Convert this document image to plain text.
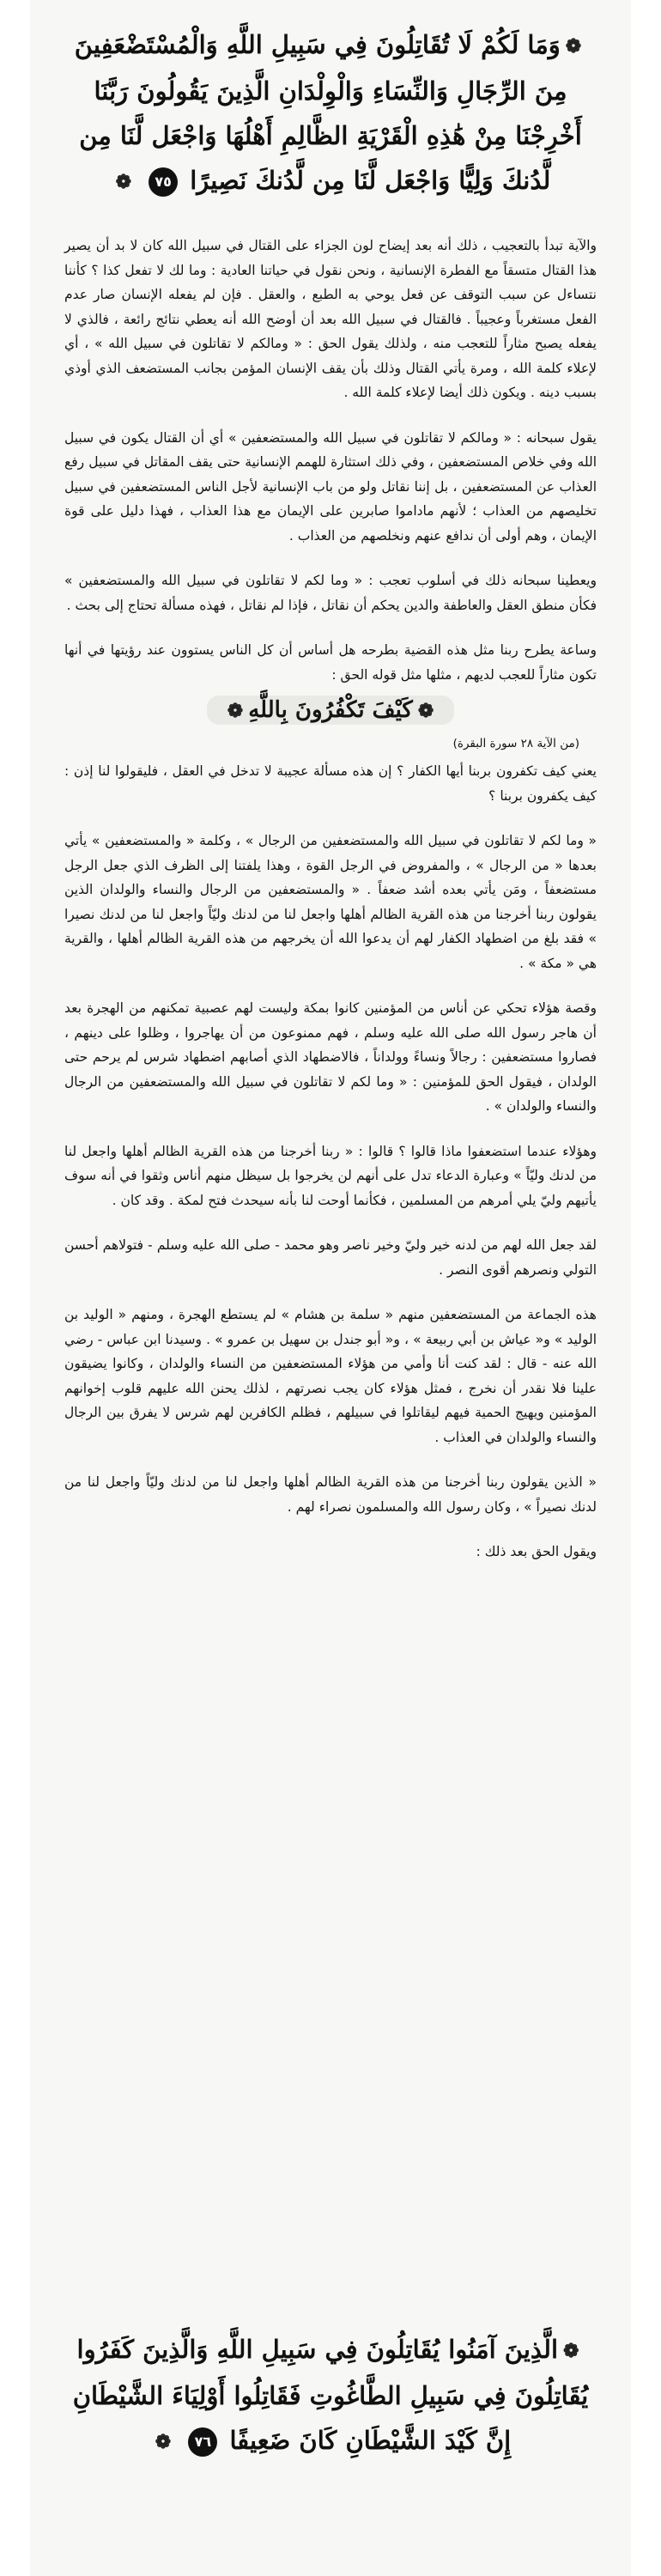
❁وَمَا لَكُمْ لَا تُقَاتِلُونَ فِي سَبِيلِ اللَّهِ وَالْمُسْتَضْعَفِينَ
مِنَ الرِّجَالِ وَالنِّسَاءِ وَالْوِلْدَانِ الَّذِينَ يَقُولُونَ رَبَّنَا
أَخْرِجْنَا مِنْ هَٰذِهِ الْقَرْيَةِ الظَّالِمِ أَهْلُهَا وَاجْعَل لَّنَا مِن
لَّدُنكَ وَلِيًّا وَاجْعَل لَّنَا مِن لَّدُنكَ نَصِيرًا ٧٥ ❁

والآية تبدأ بالتعجيب ، ذلك أنه بعد إيضاح لون الجزاء على القتال في سبيل الله كان لا بد أن يصير هذا القتال متسقاً مع الفطرة الإنسانية ، ونحن نقول في حياتنا العادية : وما لك لا تفعل كذا ؟ كأننا نتساءل عن سبب التوقف عن فعل يوحي به الطبع ، والعقل . فإن لم يفعله الإنسان صار عدم الفعل مستغرباً وعجيباً . فالقتال في سبيل الله بعد أن أوضح الله أنه يعطي نتائج رائعة ، فالذي لا يفعله يصبح مثاراً للتعجب منه ، ولذلك يقول الحق : « ومالكم لا تقاتلون في سبيل الله » ، أي لإعلاء كلمة الله ، ومرة يأتي القتال وذلك بأن يقف الإنسان المؤمن بجانب المستضعف الذي أوذي بسبب دينه . ويكون ذلك أيضا لإعلاء كلمة الله .

يقول سبحانه : « ومالكم لا تقاتلون في سبيل الله والمستضعفين » أي أن القتال يكون في سبيل الله وفي خلاص المستضعفين ، وفي ذلك استثارة للهمم الإنسانية حتى يقف المقاتل في سبيل رفع العذاب عن المستضعفين ، بل إننا نقاتل ولو من باب الإنسانية لأجل الناس المستضعفين في سبيل تخليصهم من العذاب ؛ لأنهم ماداموا صابرين على الإيمان مع هذا العذاب ، فهذا دليل على قوة الإيمان ، وهم أولى أن ندافع عنهم ونخلصهم من العذاب .

ويعطينا سبحانه ذلك في أسلوب تعجب : « وما لكم لا تقاتلون في سبيل الله والمستضعفين » فكأن منطق العقل والعاطفة والدين يحكم أن نقاتل ، فإذا لم نقاتل ، فهذه مسألة تحتاج إلى بحث .

وساعة يطرح ربنا مثل هذه القضية بطرحه هل أساس أن كل الناس يستوون عند رؤيتها في أنها تكون مثاراً للعجب لديهم ، مثلها مثل قوله الحق :

❁كَيْفَ تَكْفُرُونَ بِاللَّهِ❁
(من الآية ٢٨ سورة البقرة)

يعني كيف تكفرون بربنا أيها الكفار ؟ إن هذه مسألة عجيبة لا تدخل في العقل ، فليقولوا لنا إذن : كيف يكفرون بربنا ؟

« وما لكم لا تقاتلون في سبيل الله والمستضعفين من الرجال » ، وكلمة « والمستضعفين » يأتي بعدها « من الرجال » ، والمفروض في الرجل القوة ، وهذا يلفتنا إلى الظرف الذي جعل الرجل مستضعفاً ، ومَن يأتي بعده أشد ضعفاً . « والمستضعفين من الرجال والنساء والولدان الذين يقولون ربنا أخرجنا من هذه القرية الظالم أهلها واجعل لنا من لدنك وليّاً واجعل لنا من لدنك نصيرا » فقد بلغ من اضطهاد الكفار لهم أن يدعوا الله أن يخرجهم من هذه القرية الظالم أهلها ، والقرية هي « مكة » .

وقصة هؤلاء تحكي عن أناس من المؤمنين كانوا بمكة وليست لهم عصبية تمكنهم من الهجرة بعد أن هاجر رسول الله صلى الله عليه وسلم ، فهم ممنوعون من أن يهاجروا ، وظلوا على دينهم ، فصاروا مستضعفين : رجالاً ونساءً وولداناً ، فالاضطهاد الذي أصابهم اضطهاد شرس لم يرحم حتى الولدان ، فيقول الحق للمؤمنين : « وما لكم لا تقاتلون في سبيل الله والمستضعفين من الرجال والنساء والولدان » .

وهؤلاء عندما استضعفوا ماذا قالوا ؟ قالوا : « ربنا أخرجنا من هذه القرية الظالم أهلها واجعل لنا من لدنك وليّاً » وعبارة الدعاء تدل على أنهم لن يخرجوا بل سيظل منهم أناس وثقوا في أنه سوف يأتيهم وليّ يلي أمرهم من المسلمين ، فكأنما أوحت لنا بأنه سيحدث فتح لمكة . وقد كان .

لقد جعل الله لهم من لدنه خير وليّ وخير ناصر وهو محمد - صلى الله عليه وسلم - فتولاهم أحسن التولي ونصرهم أقوى النصر .

هذه الجماعة من المستضعفين منهم « سلمة بن هشام » لم يستطع الهجرة ، ومنهم « الوليد بن الوليد » و« عياش بن أبي ربيعة » ، و« أبو جندل بن سهيل بن عمرو » . وسيدنا ابن عباس - رضي الله عنه - قال : لقد كنت أنا وأمي من هؤلاء المستضعفين من النساء والولدان ، وكانوا يضيقون علينا فلا نقدر أن نخرج ، فمثل هؤلاء كان يجب نصرتهم ، لذلك يحنن الله عليهم قلوب إخوانهم المؤمنين ويهيج الحمية فيهم ليقاتلوا في سبيلهم ، فظلم الكافرين لهم شرس لا يفرق بين الرجال والنساء والولدان في العذاب .

« الذين يقولون ربنا أخرجنا من هذه القرية الظالم أهلها واجعل لنا من لدنك وليّاً واجعل لنا من لدنك نصيراً » ، وكان رسول الله والمسلمون نصراء لهم .

ويقول الحق بعد ذلك :

❁الَّذِينَ آمَنُوا يُقَاتِلُونَ فِي سَبِيلِ اللَّهِ وَالَّذِينَ كَفَرُوا
يُقَاتِلُونَ فِي سَبِيلِ الطَّاغُوتِ فَقَاتِلُوا أَوْلِيَاءَ الشَّيْطَانِ
إِنَّ كَيْدَ الشَّيْطَانِ كَانَ ضَعِيفًا ٧٦ ❁
